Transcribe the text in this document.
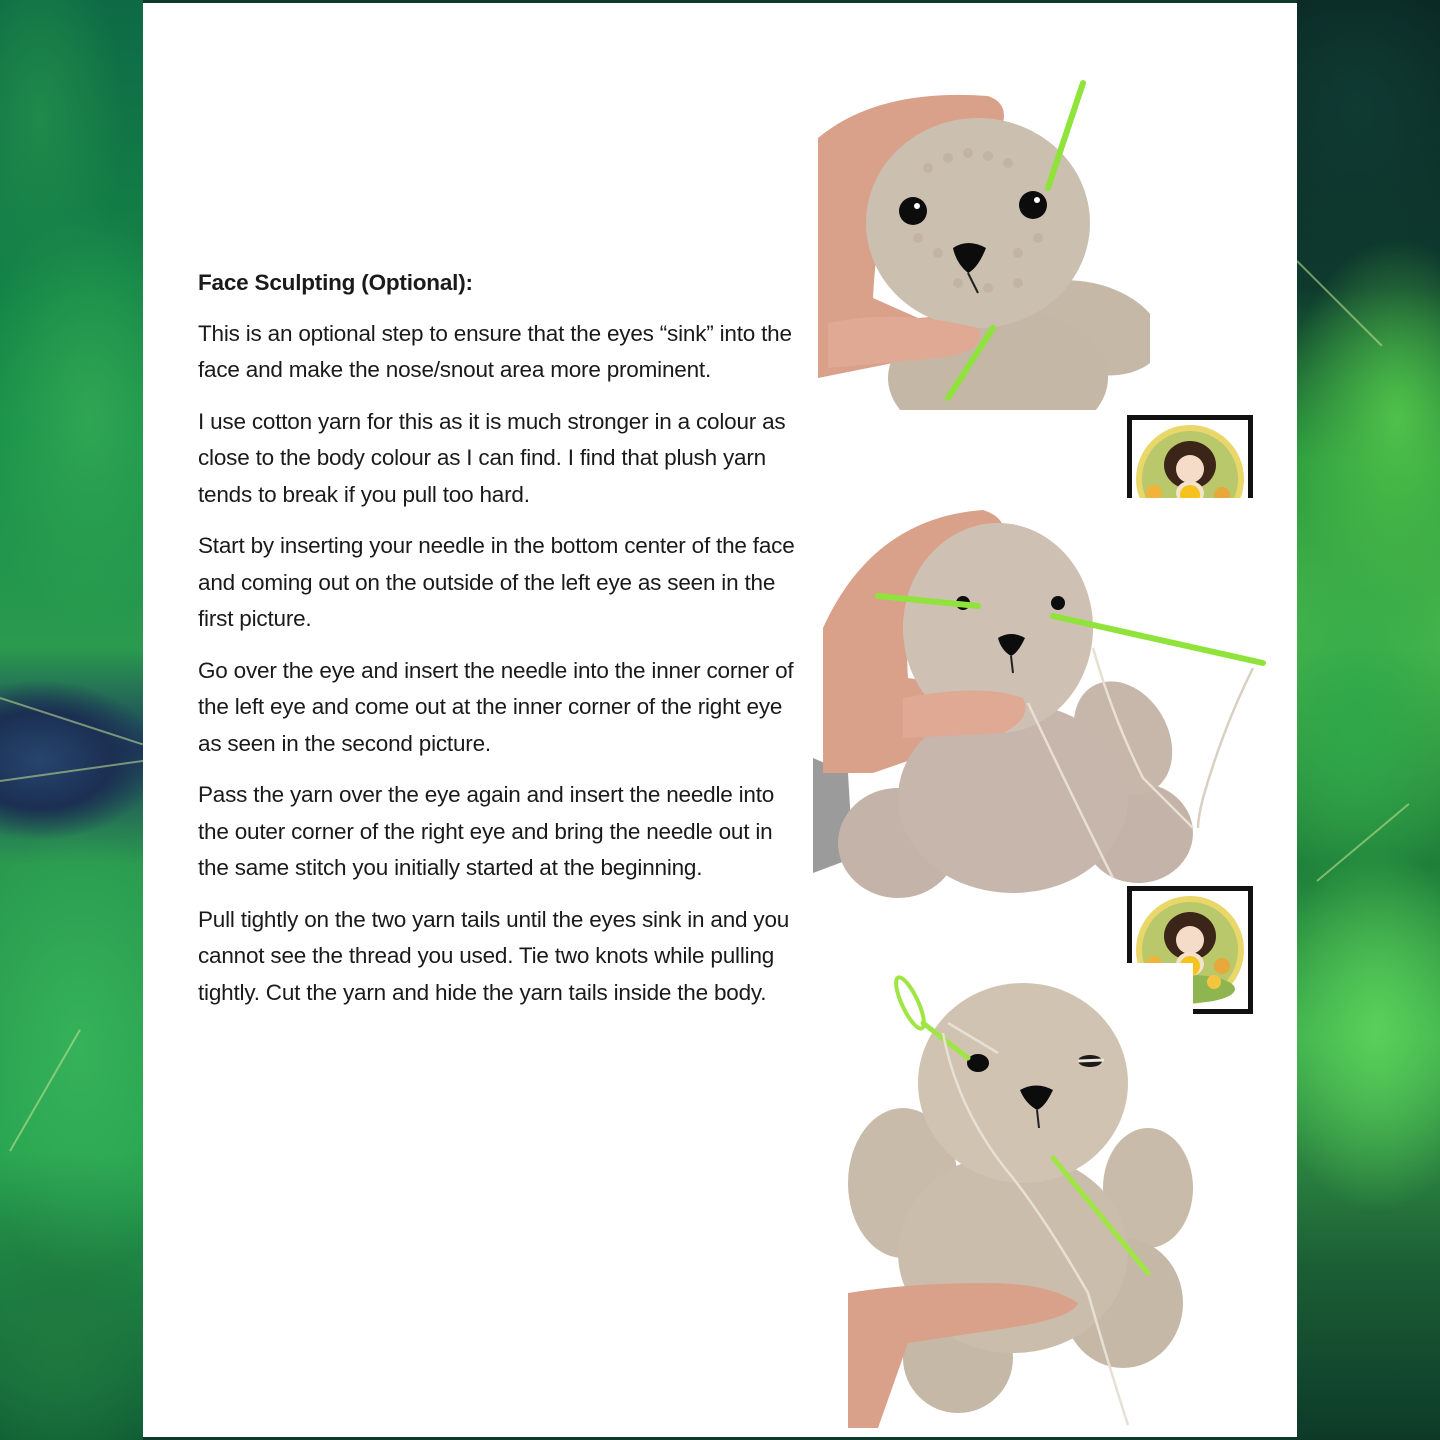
Face Sculpting (Optional):

This is an optional step to ensure that the eyes “sink” into the face and make the nose/snout area more prominent.

I use cotton yarn for this as it is much stronger in a colour as close to the body colour as I can find. I find that plush yarn tends to break if you pull too hard.

Start by inserting your needle in the bottom center of the face and coming out on the outside of the left eye as seen in the first picture.

Go over the eye and insert the needle into the inner corner of the left eye and come out at the inner corner of the right eye as seen in the second picture.

Pass the yarn over the eye again and insert the needle into the outer corner of the right eye and bring the needle out in the same stitch you initially started at the beginning.

Pull tightly on the two yarn tails until the eyes sink in and you cannot see the thread you used. Tie two knots while pulling tightly. Cut the yarn and hide the yarn tails inside the body.
